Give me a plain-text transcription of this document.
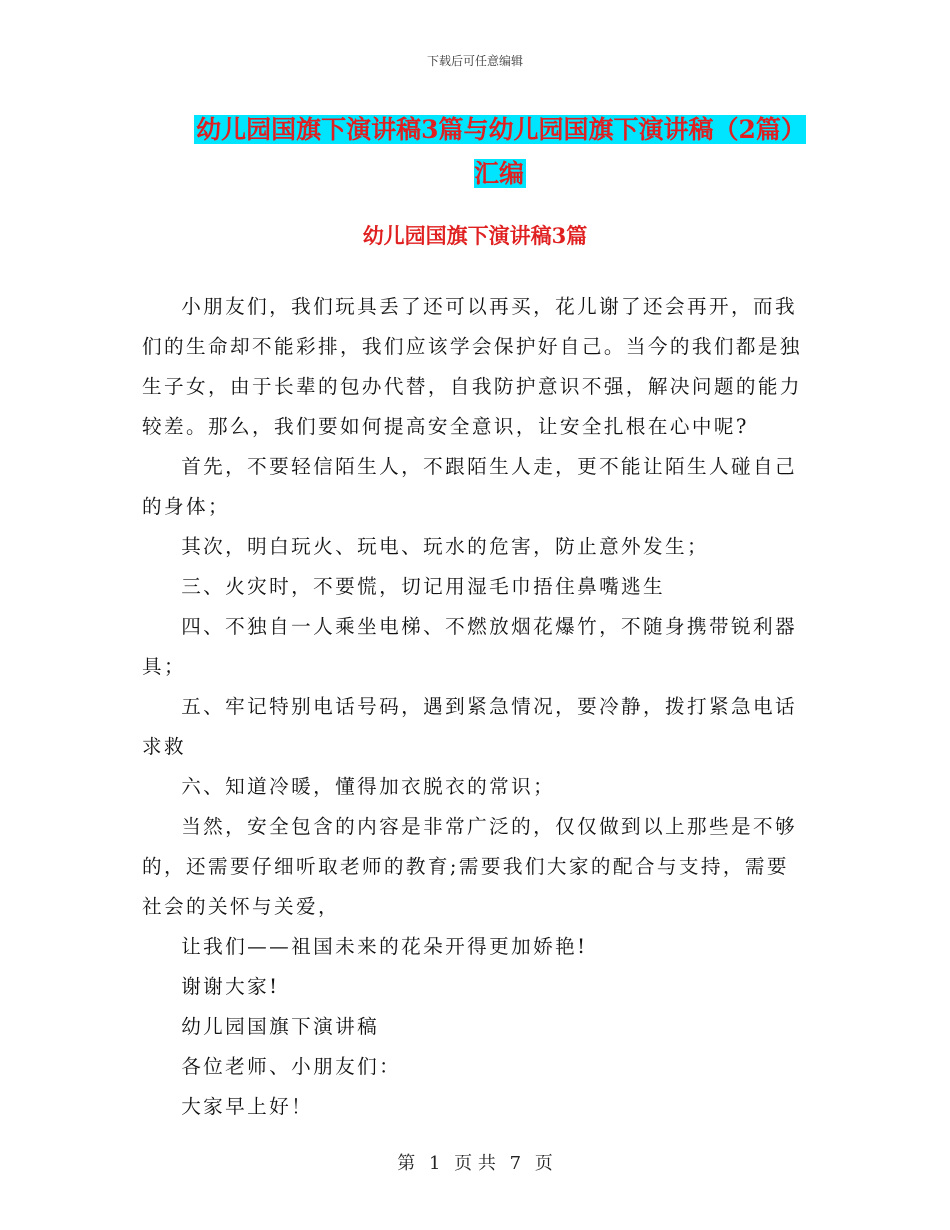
下载后可任意编辑
幼儿园国旗下演讲稿3篇与幼儿园国旗下演讲稿（2篇）汇编
幼儿园国旗下演讲稿3篇

小朋友们，我们玩具丢了还可以再买，花儿谢了还会再开，而我们的生命却不能彩排，我们应该学会保护好自己。当今的我们都是独生子女，由于长辈的包办代替，自我防护意识不强，解决问题的能力较差。那么，我们要如何提高安全意识，让安全扎根在心中呢?

首先，不要轻信陌生人，不跟陌生人走，更不能让陌生人碰自己的身体；

其次，明白玩火、玩电、玩水的危害，防止意外发生；

三、火灾时，不要慌，切记用湿毛巾捂住鼻嘴逃生

四、不独自一人乘坐电梯、不燃放烟花爆竹，不随身携带锐利器具；

五、牢记特别电话号码，遇到紧急情况，要冷静，拨打紧急电话求救

六、知道冷暖，懂得加衣脱衣的常识；

当然，安全包含的内容是非常广泛的，仅仅做到以上那些是不够的，还需要仔细听取老师的教育;需要我们大家的配合与支持，需要社会的关怀与关爱，

让我们——祖国未来的花朵开得更加娇艳!

谢谢大家!

幼儿园国旗下演讲稿

各位老师、小朋友们：

大家早上好！

第 1 页 共 7 页
